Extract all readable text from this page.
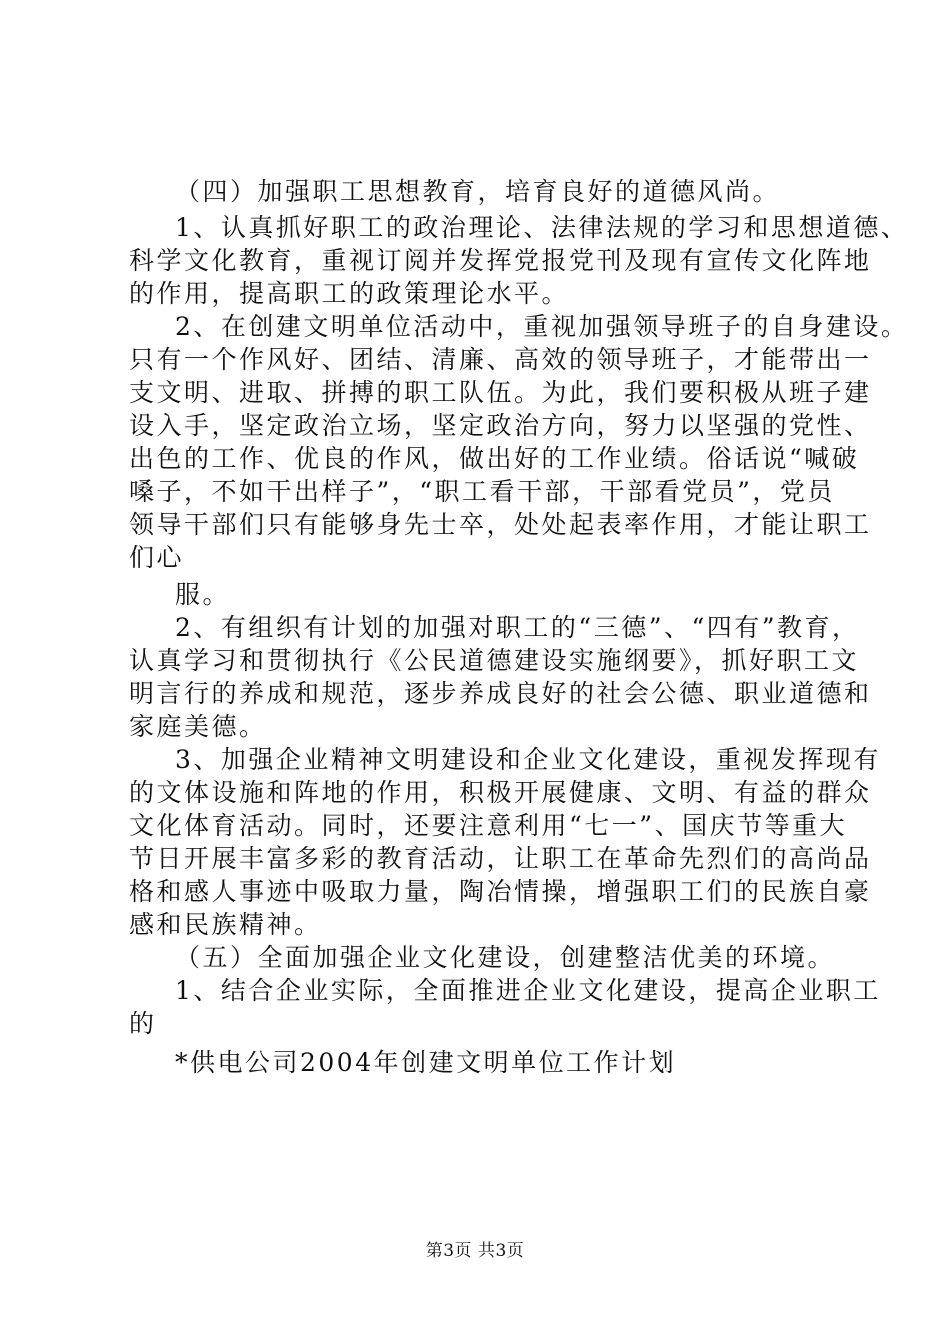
（四）加强职工思想教育，培育良好的道德风尚。
1、认真抓好职工的政治理论、法律法规的学习和思想道德、
科学文化教育，重视订阅并发挥党报党刊及现有宣传文化阵地
的作用，提高职工的政策理论水平。
2、在创建文明单位活动中，重视加强领导班子的自身建设。
只有一个作风好、团结、清廉、高效的领导班子，才能带出一
支文明、进取、拼搏的职工队伍。为此，我们要积极从班子建
设入手，坚定政治立场，坚定政治方向，努力以坚强的党性、
出色的工作、优良的作风，做出好的工作业绩。俗话说“喊破
嗓子，不如干出样子”，“职工看干部，干部看党员”，党员
领导干部们只有能够身先士卒，处处起表率作用，才能让职工
们心
服。
2、有组织有计划的加强对职工的“三德”、“四有”教育，
认真学习和贯彻执行《公民道德建设实施纲要》，抓好职工文
明言行的养成和规范，逐步养成良好的社会公德、职业道德和
家庭美德。
3、加强企业精神文明建设和企业文化建设，重视发挥现有
的文体设施和阵地的作用，积极开展健康、文明、有益的群众
文化体育活动。同时，还要注意利用“七一”、国庆节等重大
节日开展丰富多彩的教育活动，让职工在革命先烈们的高尚品
格和感人事迹中吸取力量，陶冶情操，增强职工们的民族自豪
感和民族精神。
（五）全面加强企业文化建设，创建整洁优美的环境。
1、结合企业实际，全面推进企业文化建设，提高企业职工
的
*供电公司2004年创建文明单位工作计划
第3页 共3页
